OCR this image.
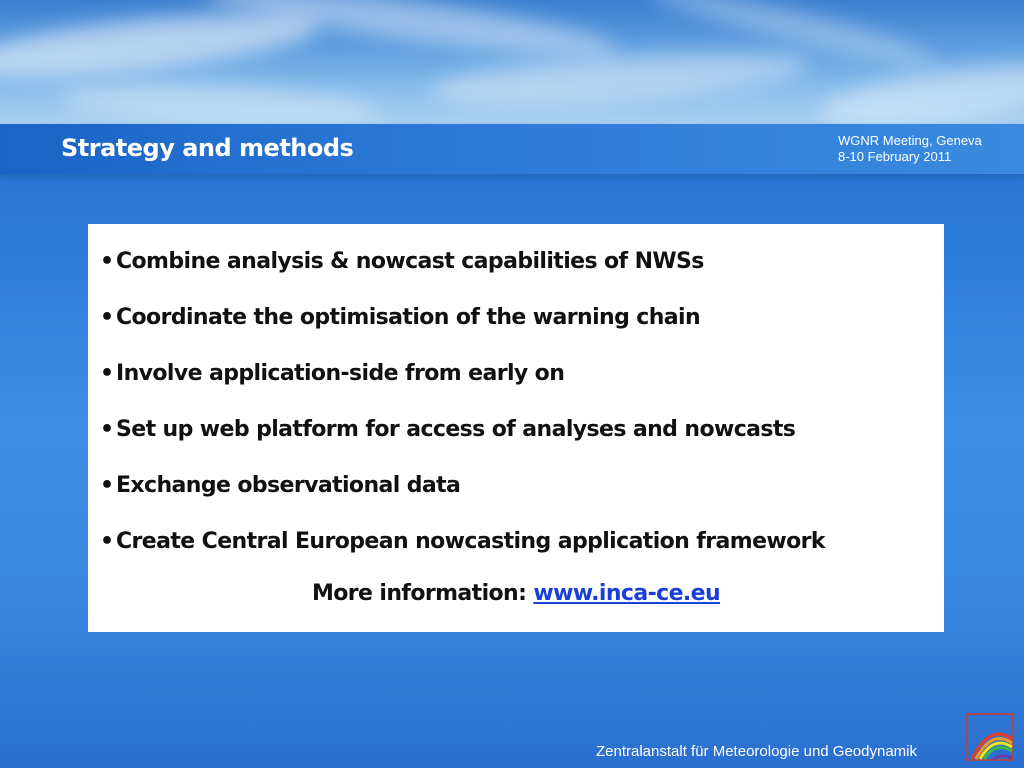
Strategy and methods	WGNR Meeting, Geneva
8-10 February 2011
• Combine analysis & nowcast capabilities of NWSs
• Coordinate the optimisation of the warning chain
• Involve application-side from early on
• Set up web platform for access of analyses and nowcasts
• Exchange observational data
• Create Central European nowcasting application framework
More information: www.inca-ce.eu
Zentralanstalt für Meteorologie und Geodynamik
